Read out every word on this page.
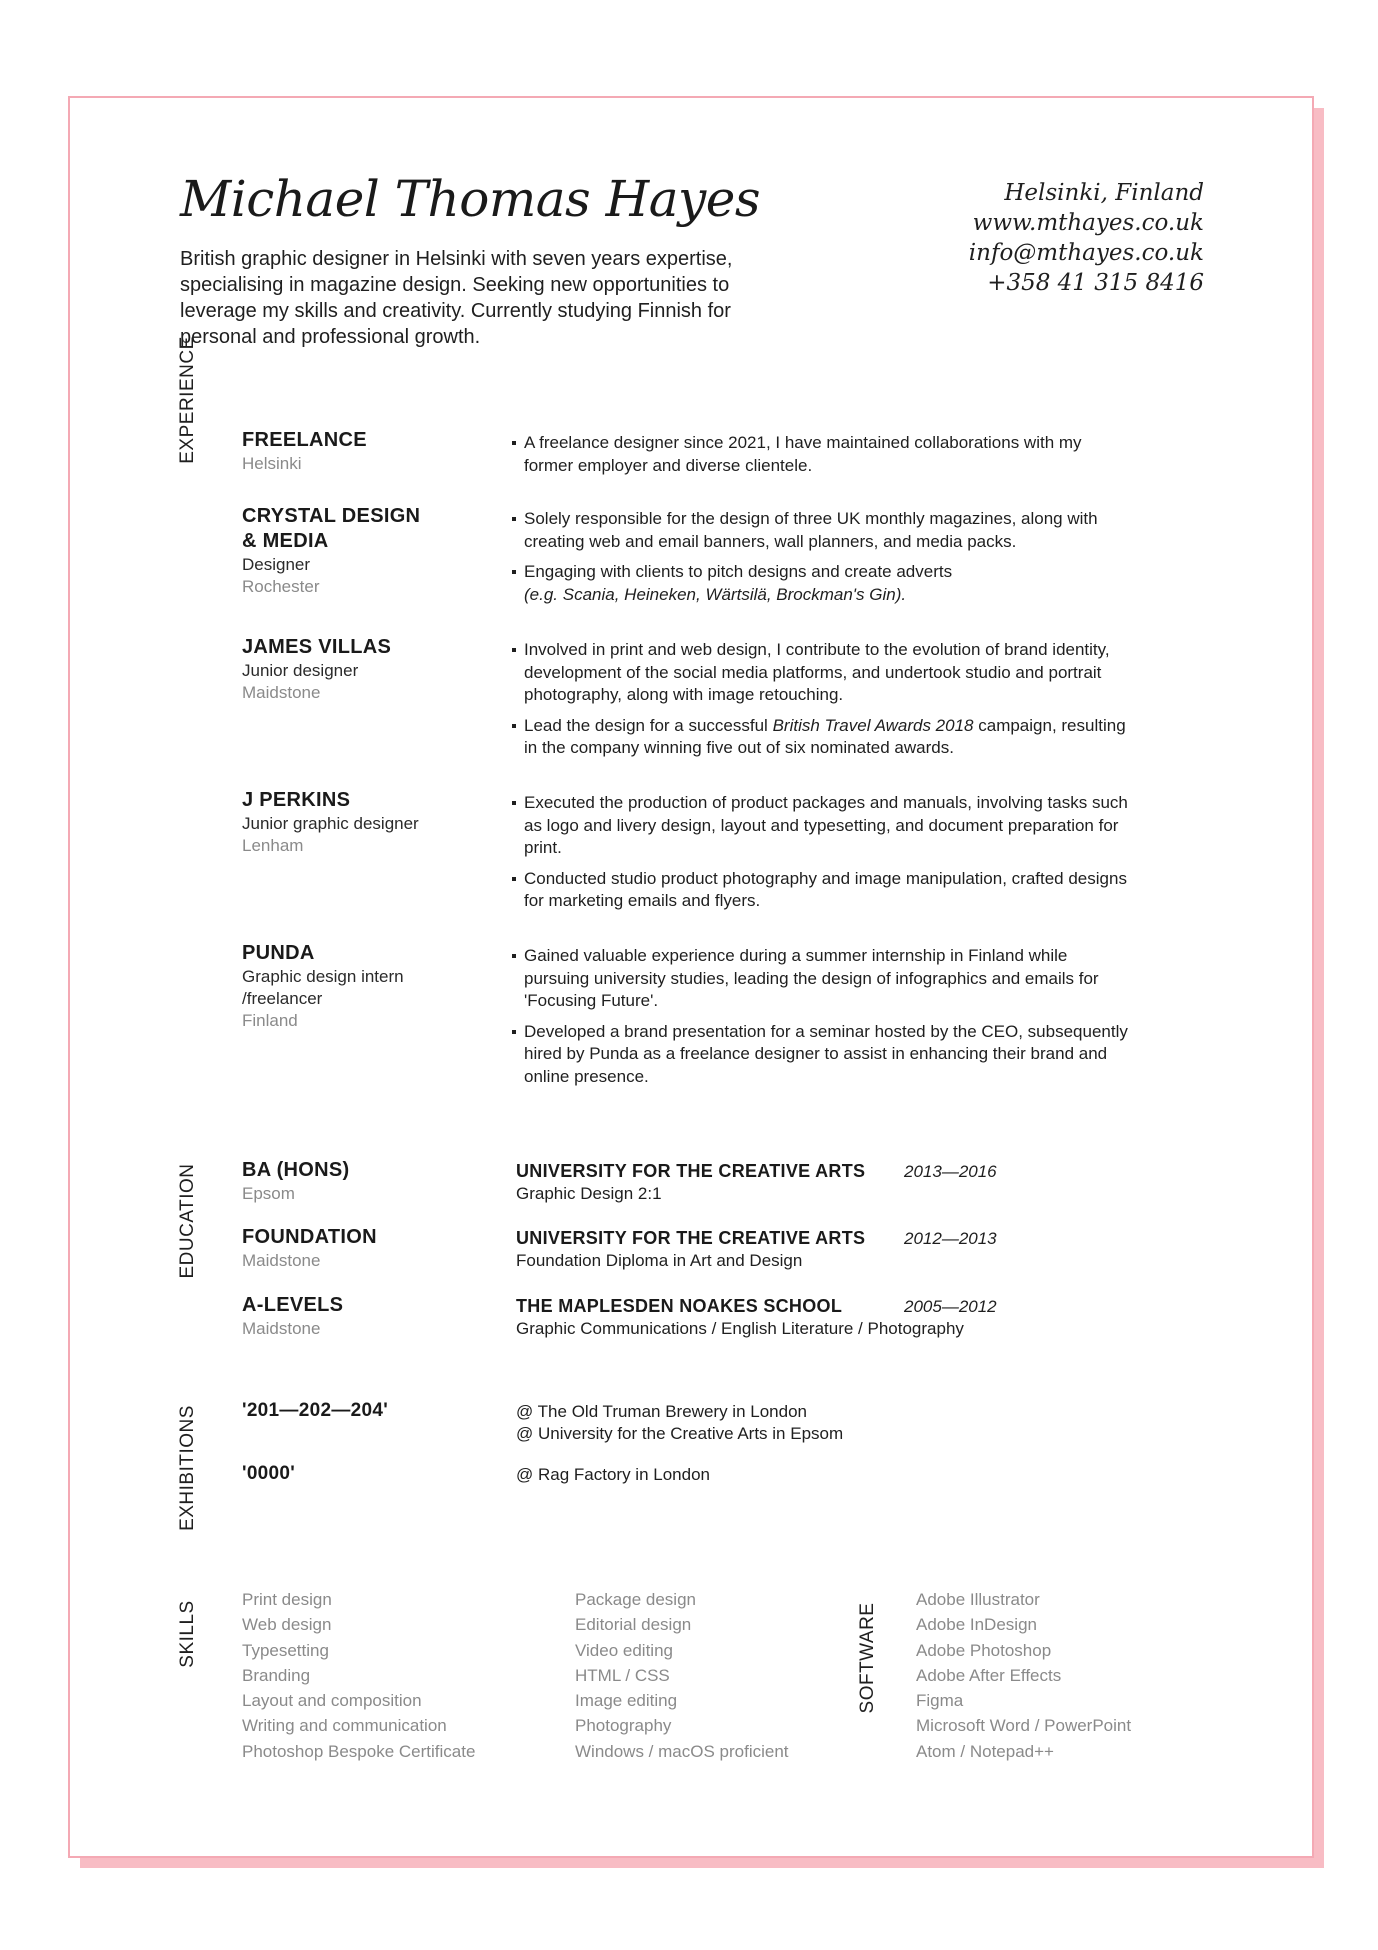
Michael Thomas Hayes

British graphic designer in Helsinki with seven years expertise, specialising in magazine design. Seeking new opportunities to leverage my skills and creativity. Currently studying Finnish for personal and professional growth.

Helsinki, Finland
www.mthayes.co.uk
info@mthayes.co.uk
+358 41 315 8416
EXPERIENCE FREELANCE
Helsinki
A freelance designer since 2021, I have maintained collaborations with my former employer and diverse clientele.
CRYSTAL DESIGN
& MEDIA
Designer
Rochester
Solely responsible for the design of three UK monthly magazines, along with creating web and email banners, wall planners, and media packs.
Engaging with clients to pitch designs and create adverts
(e.g. Scania, Heineken, Wärtsilä, Brockman's Gin).
JAMES VILLAS
Junior designer
Maidstone
Involved in print and web design, I contribute to the evolution of brand identity, development of the social media platforms, and undertook studio and portrait photography, along with image retouching.
Lead the design for a successful British Travel Awards 2018 campaign, resulting in the company winning five out of six nominated awards.
J PERKINS
Junior graphic designer
Lenham
Executed the production of product packages and manuals, involving tasks such as logo and livery design, layout and typesetting, and document preparation for print.
Conducted studio product photography and image manipulation, crafted designs for marketing emails and flyers.
PUNDA
Graphic design intern
/freelancer
Finland
Gained valuable experience during a summer internship in Finland while pursuing university studies, leading the design of infographics and emails for 'Focusing Future'.
Developed a brand presentation for a seminar hosted by the CEO, subsequently hired by Punda as a freelance designer to assist in enhancing their brand and online presence.
EDUCATION BA (HONS)
Epsom
UNIVERSITY FOR THE CREATIVE ARTS
Graphic Design 2:1
2013—2016
FOUNDATION
Maidstone
UNIVERSITY FOR THE CREATIVE ARTS
Foundation Diploma in Art and Design
2012—2013
A-LEVELS
Maidstone
THE MAPLESDEN NOAKES SCHOOL
Graphic Communications / English Literature / Photography
2005—2012
EXHIBITIONS '201—202—204'	@ The Old Truman Brewery in London
@ University for the Creative Arts in Epsom
'0000'	@ Rag Factory in London
SKILLS
Print design
Web design
Typesetting
Branding
Layout and composition
Writing and communication
Photoshop Bespoke Certificate
Package design
Editorial design
Video editing
HTML / CSS
Image editing
Photography
Windows / macOS proficient
SOFTWARE
Adobe Illustrator
Adobe InDesign
Adobe Photoshop
Adobe After Effects
Figma
Microsoft Word / PowerPoint
Atom / Notepad++
